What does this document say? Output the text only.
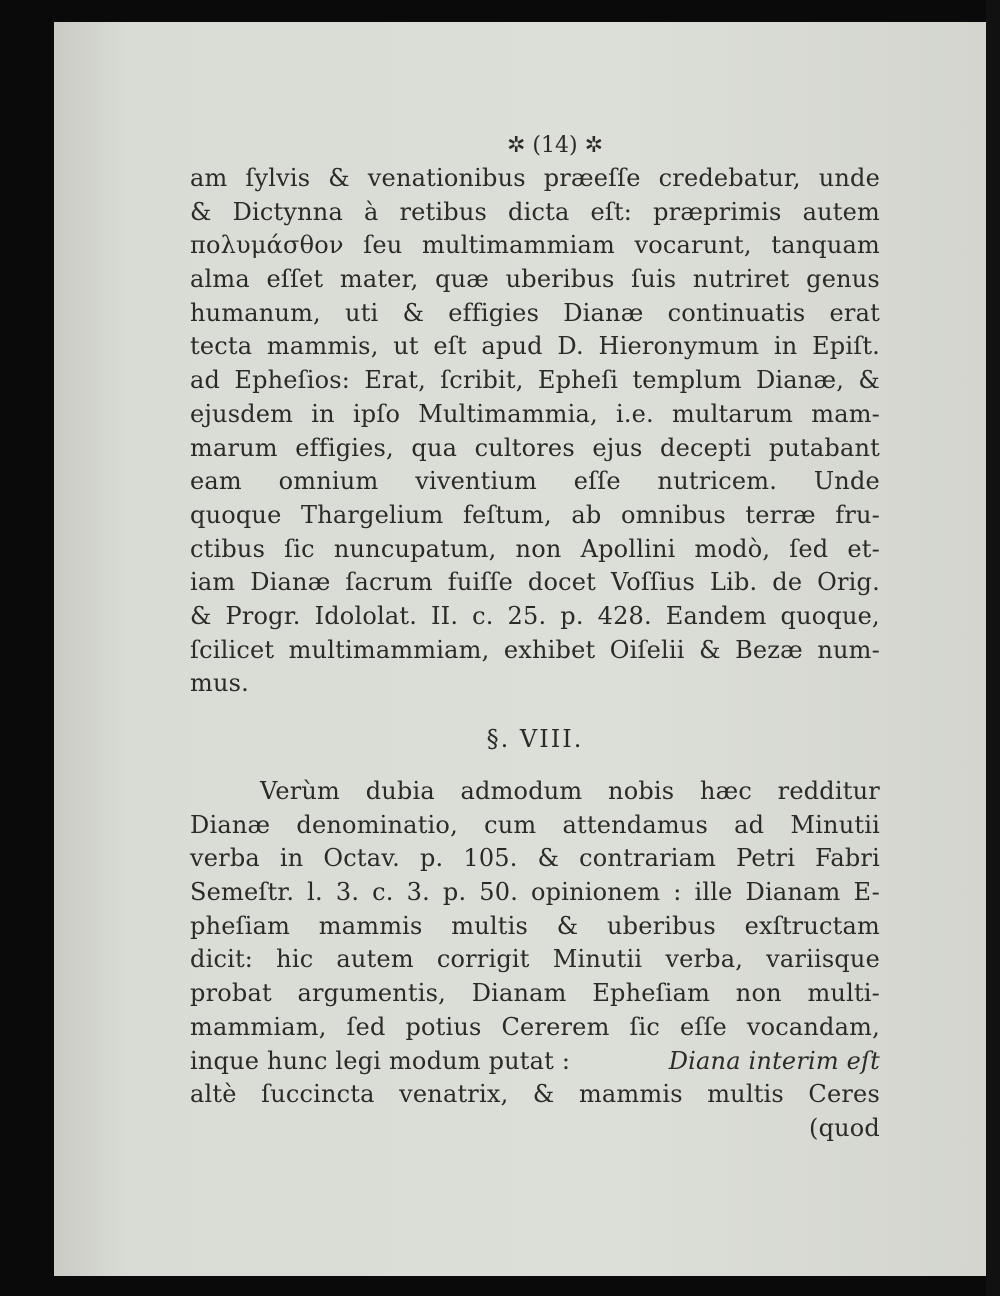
✲ (14) ✲
am ſylvis & venationibus præeſſe credebatur, unde
& Dictynna à retibus dicta eſt: præprimis autem
πολυμάσθον ſeu multimammiam vocarunt, tanquam
alma eſſet mater, quæ uberibus ſuis nutriret genus
humanum, uti & effigies Dianæ continuatis erat
tecta mammis, ut eſt apud D. Hieronymum in Epiſt.
ad Epheſios: Erat, ſcribit, Epheſi templum Dianæ, &
ejusdem in ipſo Multimammia, i.e. multarum mam-
marum effigies, qua cultores ejus decepti putabant
eam omnium viventium eſſe nutricem. Unde
quoque Thargelium feſtum, ab omnibus terræ fru-
ctibus ſic nuncupatum, non Apollini modò, ſed et-
iam Dianæ ſacrum fuiſſe docet Voſſius Lib. de Orig.
& Progr. Idololat. II. c. 25. p. 428. Eandem quoque,
ſcilicet multimammiam, exhibet Oiſelii & Bezæ num-
mus.
§. VIII.
Verùm dubia admodum nobis hæc redditur
Dianæ denominatio, cum attendamus ad Minutii
verba in Octav. p. 105. & contrariam Petri Fabri
Semeſtr. l. 3. c. 3. p. 50. opinionem : ille Dianam E-
pheſiam mammis multis & uberibus exſtructam
dicit: hic autem corrigit Minutii verba, variisque
probat argumentis, Dianam Epheſiam non multi-
mammiam, ſed potius Cererem ſic eſſe vocandam,
inque hunc legi modum putat :	Diana interim eſt
altè ſuccincta venatrix, & mammis multis Ceres
(quod
